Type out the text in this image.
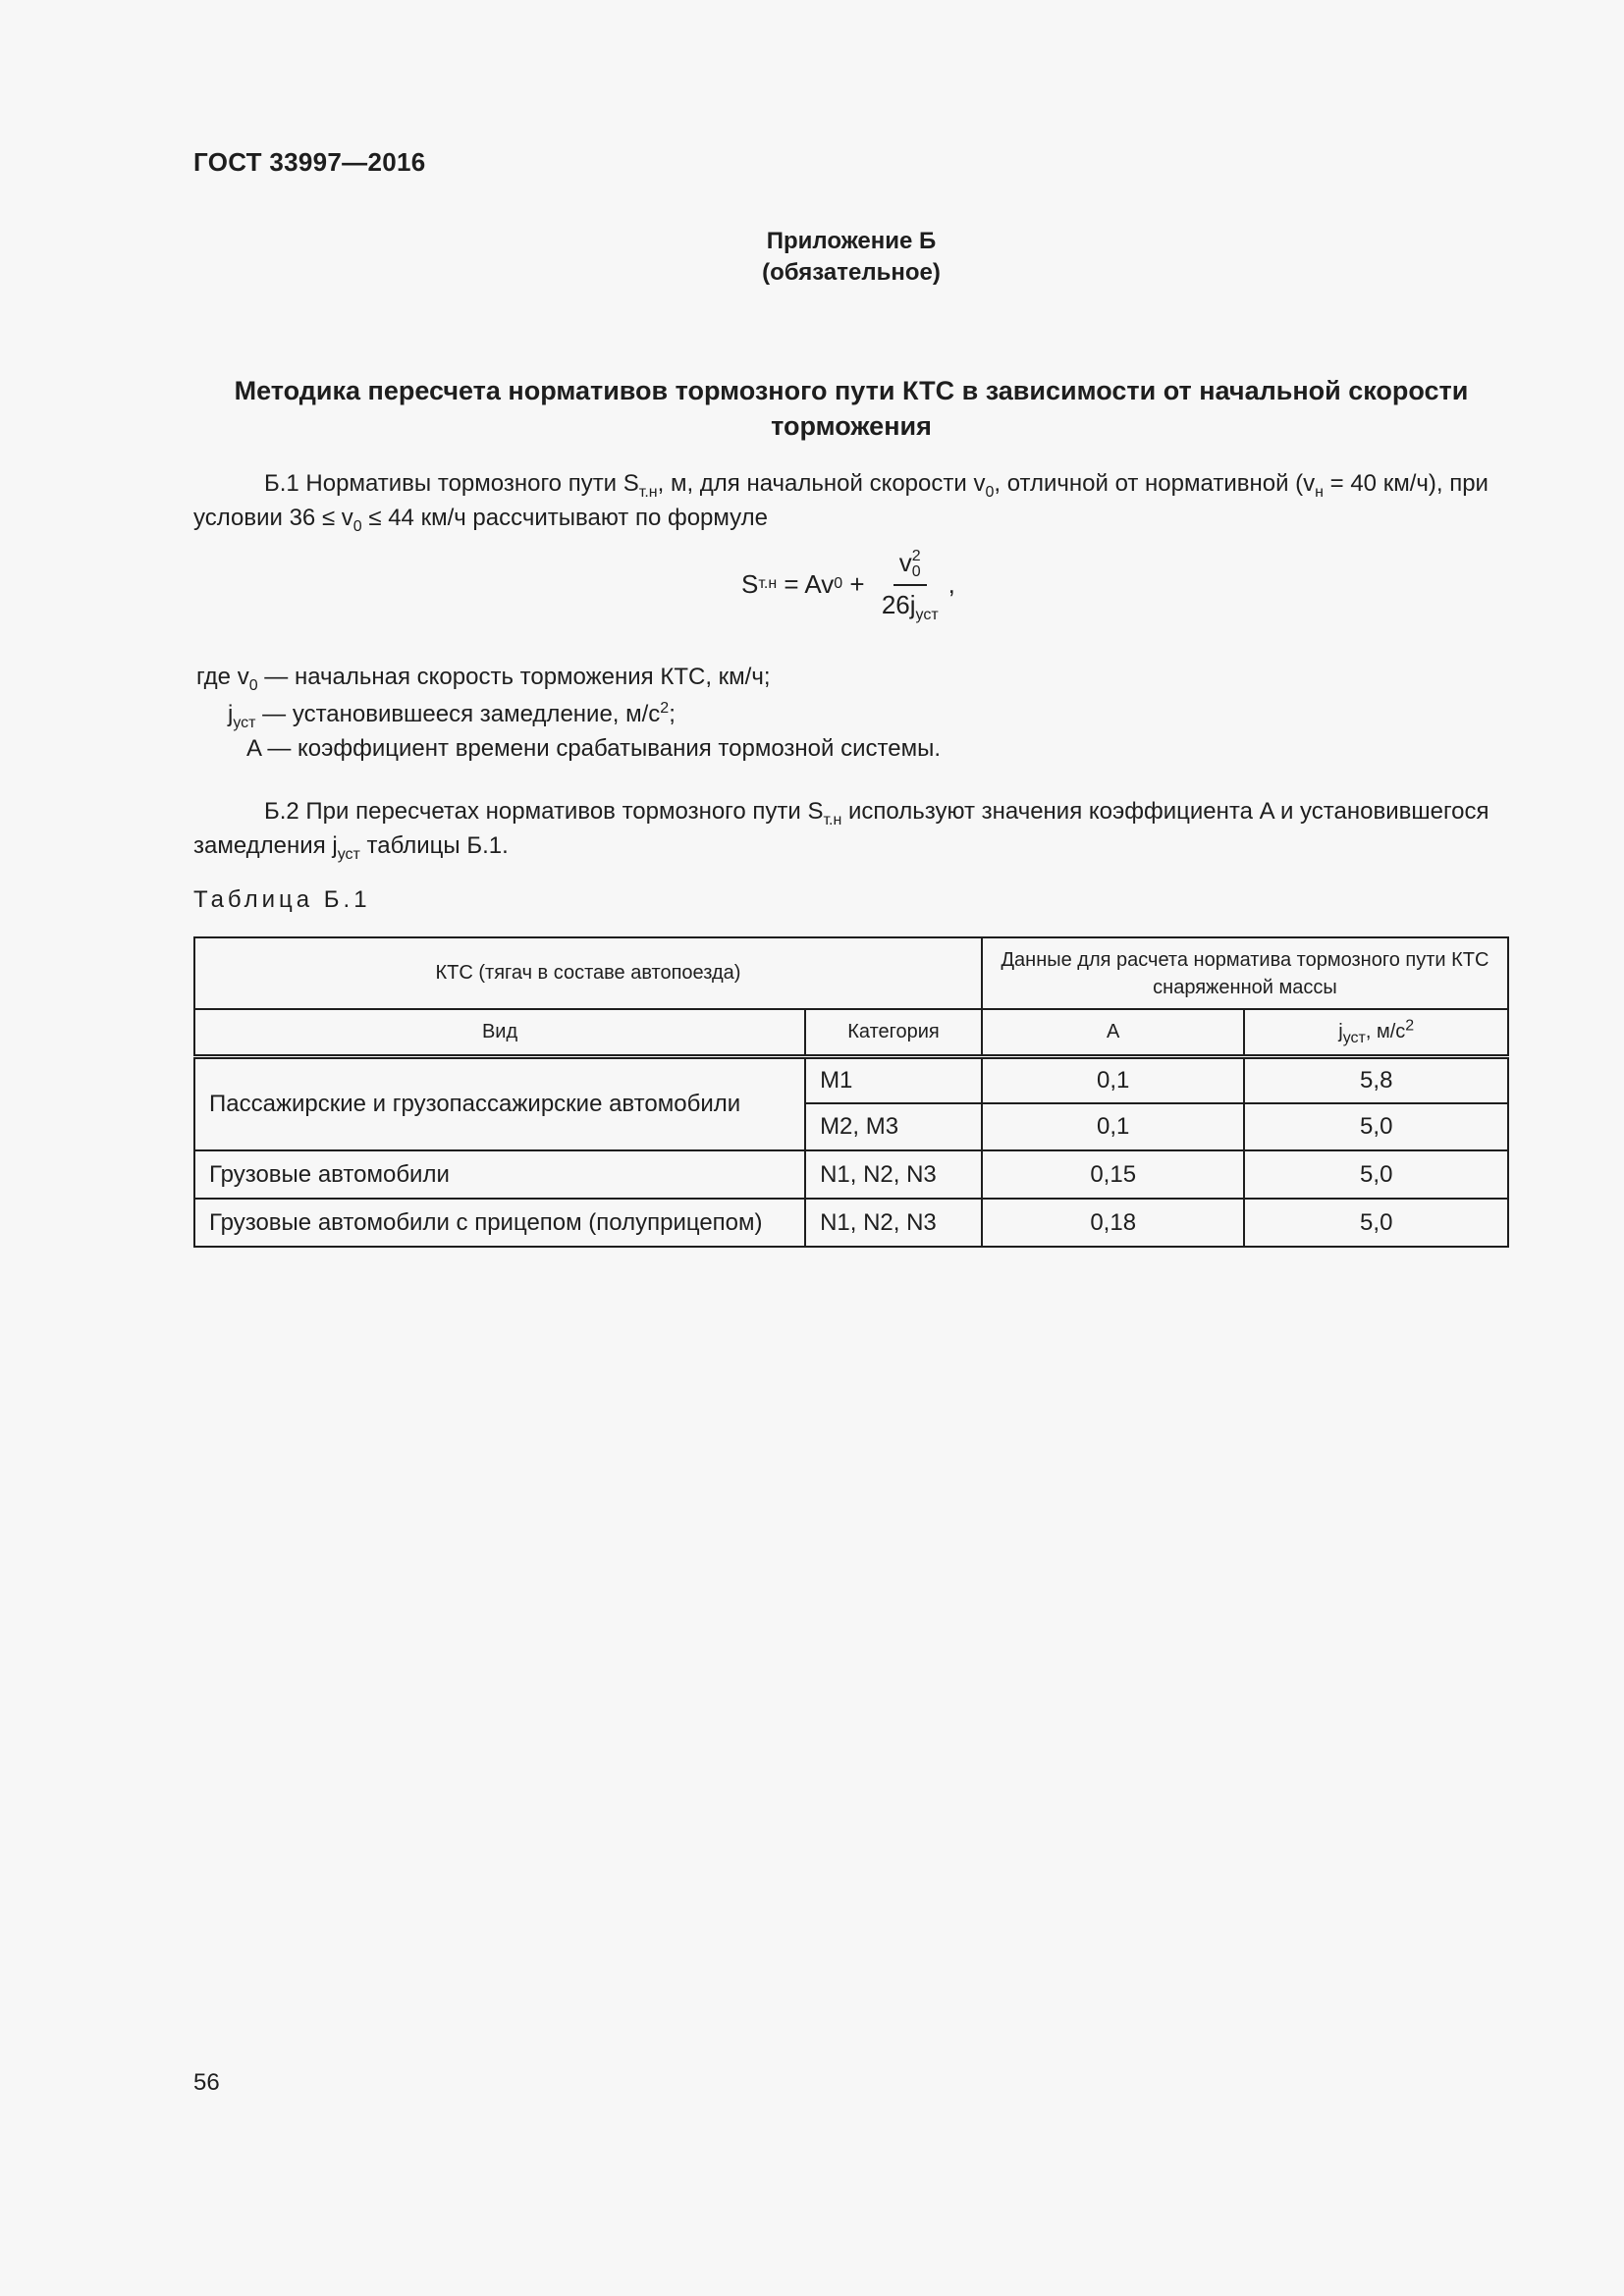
ГОСТ 33997—2016
Приложение Б
(обязательное)
Методика пересчета нормативов тормозного пути КТС в зависимости от начальной скорости торможения
Б.1 Нормативы тормозного пути $S_{т.н}$, м, для начальной скорости $v_0$, отличной от нормативной ($v_н = 40$ км/ч), при условии $36 \le v_0 \le 44$ км/ч рассчитывают по формуле
S т.н = Av 0 + v 2
0
$26j_{уст}$ ,
где $v_0$ — начальная скорость торможения КТС, км/ч;
$j_{уст}$ — установившееся замедление, $м/с^2$;
A — коэффициент времени срабатывания тормозной системы.
Б.2 При пересчетах нормативов тормозного пути $S_{т.н}$ используют значения коэффициента A и установившегося замедления $j_{уст}$ таблицы Б.1.
Таблица Б.1
КТС (тягач в составе автопоезда)		Данные для расчета норматива тормозного пути КТС снаряженной массы	
Вид	Категория	A	$j_{уст}$, $м/с^2$
Пассажирские и грузопассажирские автомобили	M1	0,1	5,8
	M2, M3	0,1	5,0
Грузовые автомобили	N1, N2, N3	0,15	5,0
Грузовые автомобили с прицепом (полуприцепом)	N1, N2, N3	0,18	5,0
56
